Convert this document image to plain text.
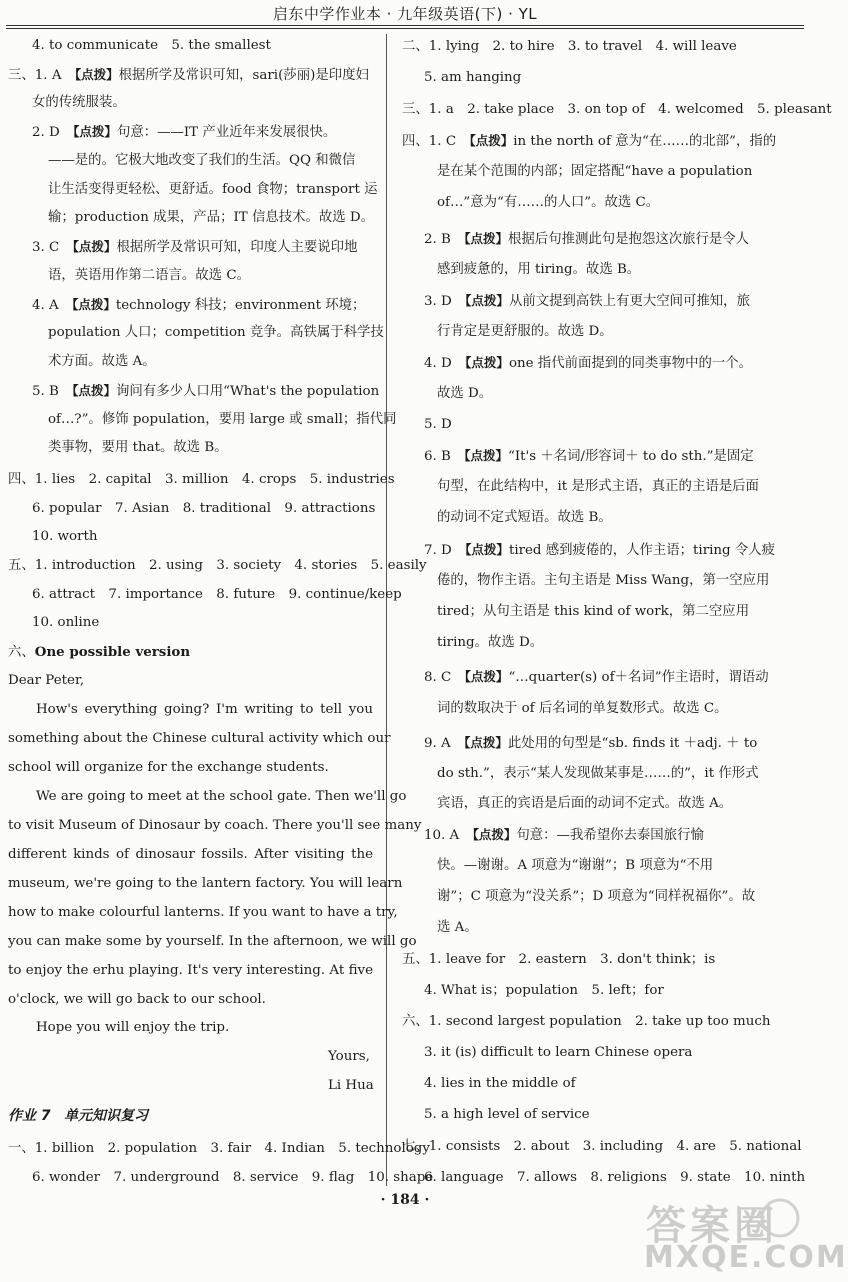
启东中学作业本 · 九年级英语(下) · YL
4. to communicate　5. the smallest
三、1. A　【点拨】根据所学及常识可知，sari(莎丽)是印度妇
女的传统服装。
2. D　【点拨】句意：——IT 产业近年来发展很快。
——是的。它极大地改变了我们的生活。QQ 和微信
让生活变得更轻松、更舒适。food 食物；transport 运
输；production 成果，产品；IT 信息技术。故选 D。
3. C　【点拨】根据所学及常识可知，印度人主要说印地
语，英语用作第二语言。故选 C。
4. A　【点拨】technology 科技；environment 环境；
population 人口；competition 竞争。高铁属于科学技
术方面。故选 A。
5. B　【点拨】询问有多少人口用“What's the population
of…?”。修饰 population，要用 large 或 small；指代同
类事物，要用 that。故选 B。
四、1. lies　2. capital　3. million　4. crops　5. industries
6. popular　7. Asian　8. traditional　9. attractions
10. worth
五、1. introduction　2. using　3. society　4. stories　5. easily
6. attract　7. importance　8. future　9. continue/keep
10. online
六、One possible version
Dear Peter,
How's everything going? I'm writing to tell you
something about the Chinese cultural activity which our
school will organize for the exchange students.
We are going to meet at the school gate. Then we'll go
to visit Museum of Dinosaur by coach. There you'll see many
different kinds of dinosaur fossils. After visiting the
museum, we're going to the lantern factory. You will learn
how to make colourful lanterns. If you want to have a try,
you can make some by yourself. In the afternoon, we will go
to enjoy the erhu playing. It's very interesting. At five
o'clock, we will go back to our school.
Hope you will enjoy the trip.
Yours,
Li Hua
作业 7　 单元知识复习
一、1. billion　2. population　3. fair　4. Indian　5. technology
6. wonder　7. underground　8. service　9. flag　10. shape
二、1. lying　2. to hire　3. to travel　4. will leave
5. am hanging
三、1. a　2. take place　3. on top of　4. welcomed　5. pleasant
四、1. C　【点拨】in the north of 意为“在……的北部”，指的
是在某个范围的内部；固定搭配“have a population
of…”意为“有……的人口”。故选 C。
2. B　【点拨】根据后句推测此句是抱怨这次旅行是令人
感到疲惫的，用 tiring。故选 B。
3. D　【点拨】从前文提到高铁上有更大空间可推知，旅
行肯定是更舒服的。故选 D。
4. D　【点拨】one 指代前面提到的同类事物中的一个。
故选 D。
5. D
6. B　【点拨】“It's ＋名词/形容词＋ to do sth.”是固定
句型，在此结构中，it 是形式主语，真正的主语是后面
的动词不定式短语。故选 B。
7. D　【点拨】tired 感到疲倦的，人作主语；tiring 令人疲
倦的，物作主语。主句主语是 Miss Wang，第一空应用
tired；从句主语是 this kind of work，第二空应用
tiring。故选 D。
8. C　【点拨】“…quarter(s) of＋名词”作主语时，谓语动
词的数取决于 of 后名词的单复数形式。故选 C。
9. A　【点拨】此处用的句型是“sb. finds it ＋adj. ＋ to
do sth.”，表示“某人发现做某事是……的”，it 作形式
宾语，真正的宾语是后面的动词不定式。故选 A。
10. A　【点拨】句意：—我希望你去泰国旅行愉
快。—谢谢。A 项意为“谢谢”；B 项意为“不用
谢”；C 项意为“没关系”；D 项意为“同样祝福你”。故
选 A。
五、1. leave for　2. eastern　3. don't think；is
4. What is；population　5. left；for
六、1. second largest population　2. take up too much
3. it (is) difficult to learn Chinese opera
4. lies in the middle of
5. a high level of service
七、1. consists　2. about　3. including　4. are　5. national
6. language　7. allows　8. religions　9. state　10. ninth
· 184 ·
答案圈
MXQE.COM
